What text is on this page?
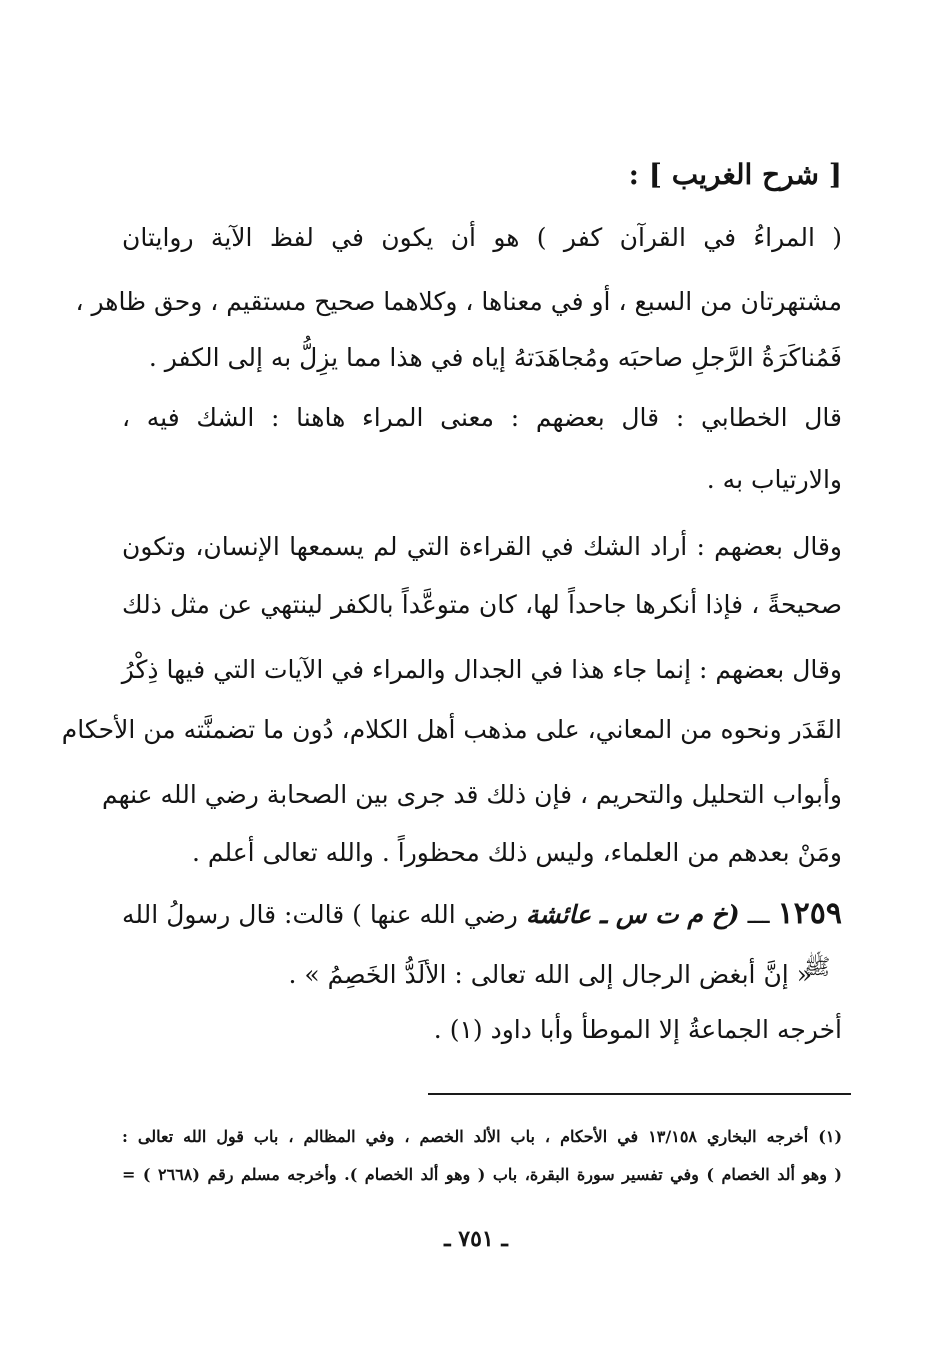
[ شرح الغريب ] :
( المراءُ في القرآن كفر ) هو أن يكون في لفظ الآية روايتان
مشتهرتان من السبع ، أو في معناها ، وكلاهما صحيح مستقيم ، وحق ظاهر ،
فَمُناكَرَةُ الرَّجلِ صاحبَه ومُجاهَدَتهُ إياه في هذا مما يزِلُّ به إلى الكفر .
قال الخطابي : قال بعضهم : معنى المراء هاهنا : الشك فيه ،
والارتياب به .
وقال بعضهم : أراد الشك في القراءة التي لم يسمعها الإنسان، وتكون
صحيحةً ، فإذا أنكرها جاحداً لها، كان متوعَّداً بالكفر لينتهي عن مثل ذلك
وقال بعضهم : إنما جاء هذا في الجدال والمراء في الآيات التي فيها ذِكْرُ
القَدَر ونحوه من المعاني، على مذهب أهل الكلام، دُون ما تضمنَّته من الأحكام
وأبواب التحليل والتحريم ، فإن ذلك قد جرى بين الصحابة رضي الله عنهم
ومَنْ بعدهم من العلماء، وليس ذلك محظوراً . والله تعالى أعلم .
١٢٥٩ ـــ (خ م ت س ـ عائشة رضي الله عنها ) قالت: قال رسولُ الله
ﷺ
« إنَّ أبغض الرجال إلى الله تعالى : الألَدُّ الخَصِمُ » .
أخرجه الجماعةُ إلا الموطأ وأبا داود (١) .
(١) أخرجه البخاري ١٣/١٥٨ في الأحكام ، باب الألد الخصم ، وفي المظالم ، باب قول الله تعالى :
( وهو ألد الخصام ) وفي تفسير سورة البقرة، باب ( وهو ألد الخصام ). وأخرجه مسلم رقم (٢٦٦٨ ) =
ـ ٧٥١ ـ
